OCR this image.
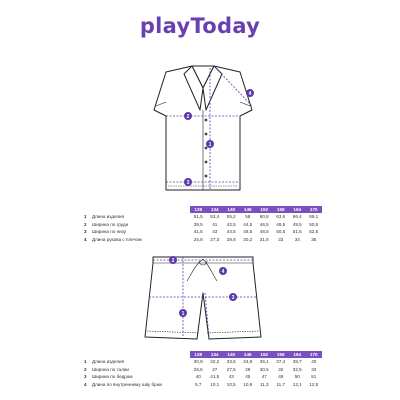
playToday
1
2
3
4
128	134	140	146	152	158	164	170
1	Длина изделия	51,5	53,4	55,2	58	60,8	63,6	66,4	69,1
2	Ширина по груди	39,5	41	42,5	44,5	46,5	48,5	49,5	50,5
3	Ширина по низу	41,5	43	44,5	46,5	48,5	50,5	51,5	52,5
4	Длина рукава с плечом	25,8	27,3	28,8	30,2	31,6	33	34	35
1
2
3
4
128	134	140	146	152	158	164	170
1	Длина изделия	30,9	32,2	33,5	34,8	36,1	37,4	38,7	40
2	Ширина по талии	26,5	27	27,5	29	30,5	32	32,5	33
3	Ширина по бедрам	40	41,5	43	45	47	49	50	51
4	Длина по внутреннему шву брюк	9,7	10,1	10,5	10,9	11,3	11,7	12,1	12,5
